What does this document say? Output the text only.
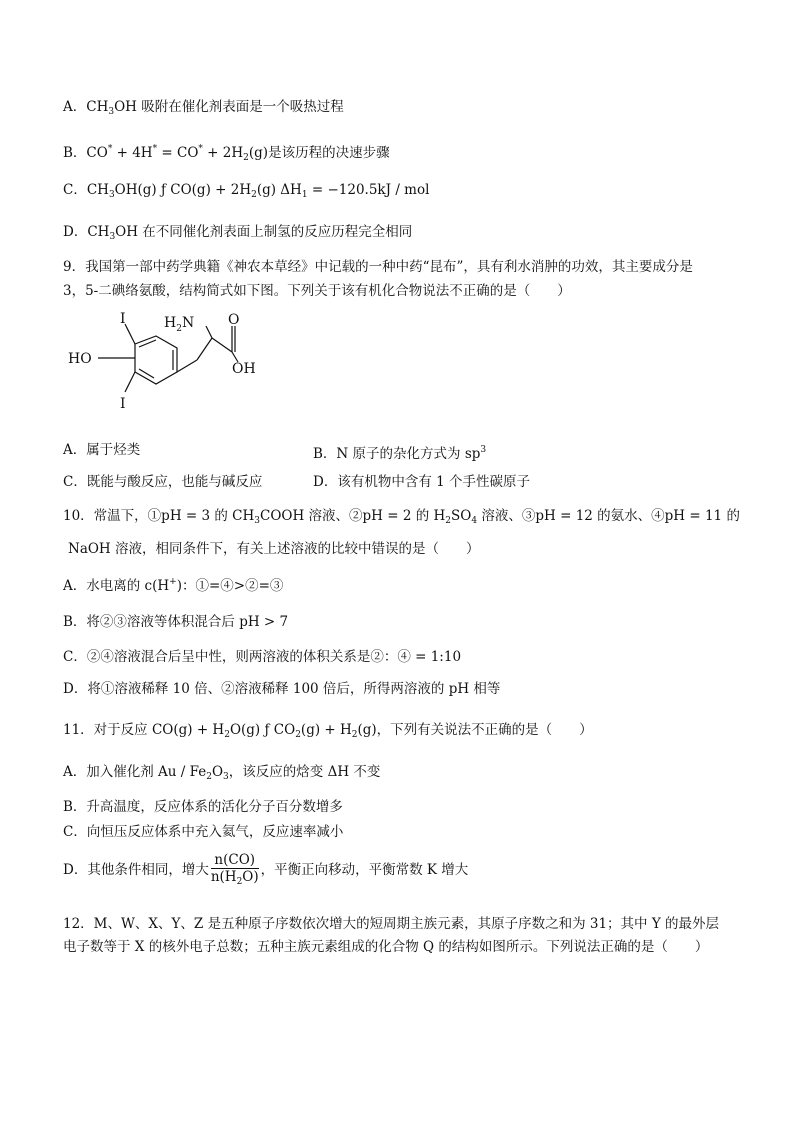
A．$CH_3OH$ 吸附在催化剂表面是一个吸热过程
B．$CO^* + 4H^* = CO^* + 2H_2(g)$是该历程的决速步骤
C．$CH_3OH(g)$ ƒ $CO(g) + 2H_2(g) \Delta H_1 = -120.5kJ$ / mol
D．$CH_3OH$ 在不同催化剂表面上制氢的反应历程完全相同
9．我国第一部中药学典籍《神农本草经》中记载的一种中药“昆布”，具有利水消肿的功效，其主要成分是
3，5-二碘络氨酸，结构简式如下图。下列关于该有机化合物说法不正确的是（　　）
I	$H_2N$ O
HO
OH
I
A．属于烃类	B．N 原子的杂化方式为 $sp^3$
C．既能与酸反应，也能与碱反应	D．该有机物中含有 1 个手性碳原子
10．常温下，①pH = 3 的 $CH_3COOH$ 溶液、②pH = 2 的 $H_2SO_4$ 溶液、③pH = 12 的氨水、④pH = 11 的
NaOH 溶液，相同条件下，有关上述溶液的比较中错误的是（　　）
A．水电离的 c(H+)：①=④>②=③
B．将②③溶液等体积混合后 pH > 7
C．②④溶液混合后呈中性，则两溶液的体积关系是②：④ = 1:10
D．将①溶液稀释 10 倍、②溶液稀释 100 倍后，所得两溶液的 pH 相等
11．对于反应 $CO(g) + H_2O(g)$ ƒ $CO_2(g) + H_2(g)$，下列有关说法不正确的是（　　）
A．加入催化剂 Au / $Fe_2O_3$，该反应的焓变 ΔH 不变
B．升高温度，反应体系的活化分子百分数增多
C．向恒压反应体系中充入氦气，反应速率减小
D．其他条件相同，增大 $\frac{n(CO)}{n(H_2O)}$ ，平衡正向移动，平衡常数 K 增大
12．M、W、X、Y、Z 是五种原子序数依次增大的短周期主族元素，其原子序数之和为 31；其中 Y 的最外层
电子数等于 X 的核外电子总数；五种主族元素组成的化合物 Q 的结构如图所示。下列说法正确的是（　　）
